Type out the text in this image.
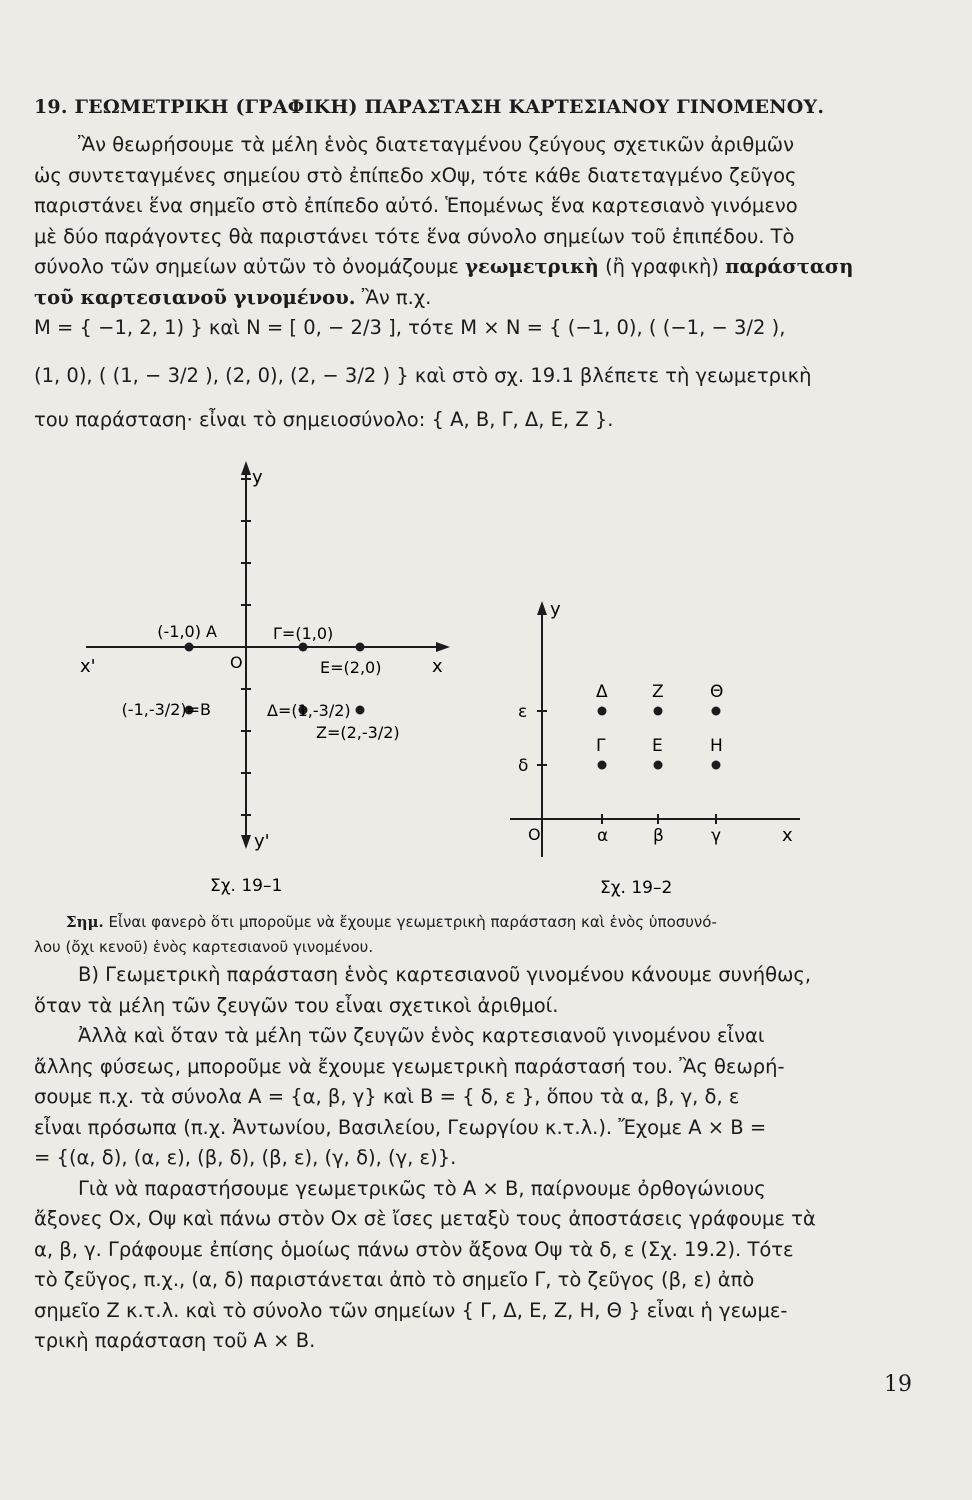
19. ΓΕΩΜΕΤΡΙΚΗ (ΓΡΑΦΙΚΗ) ΠΑΡΑΣΤΑΣΗ ΚΑΡΤΕΣΙΑΝΟΥ ΓΙΝΟΜΕΝΟΥ.
Ἂν θεωρήσουμε τὰ μέλη ἑνὸς διατεταγμένου ζεύγους σχετικῶν ἀριθμῶν
ὡς συντεταγμένες σημείου στὸ ἐπίπεδο xOψ, τότε κάθε διατεταγμένο ζεῦγος
παριστάνει ἕνα σημεῖο στὸ ἐπίπεδο αὐτό. Ἑπομένως ἕνα καρτεσιανὸ γινόμενο
μὲ δύο παράγοντες θὰ παριστάνει τότε ἕνα σύνολο σημείων τοῦ ἐπιπέδου. Τὸ
σύνολο τῶν σημείων αὐτῶν τὸ ὀνομάζουμε γεωμετρικὴ (ἢ γραφικὴ) παράσταση
τοῦ καρτεσιανοῦ γινομένου. Ἂν π.χ.
M = { −1, 2, 1) } καὶ N = [ 0, − 2/3 ], τότε M × N = { (−1, 0), ( (−1, − 3/2 ),
(1, 0), ( (1, − 3/2 ), (2, 0), (2, − 3/2 ) } καὶ στὸ σχ. 19.1 βλέπετε τὴ γεωμετρικὴ
του παράσταση· εἶναι τὸ σημειοσύνολο: { A, B, Γ, Δ, E, Z }.
y
y'
x
x'	O
(-1,0) A	Γ=(1,0)
E=(2,0)
(-1,-3/2)=B	Δ=(1,-3/2)
Z=(2,-3/2)
Σχ. 19–1
y
x
O	α	β	γ
δ
ε
Δ	Z	Θ
Γ	E	H
Σχ. 19–2
Σημ. Εἶναι φανερὸ ὅτι μποροῦμε νὰ ἔχουμε γεωμετρικὴ παράσταση καὶ ἑνὸς ὑποσυνό-
λου (ὄχι κενοῦ) ἑνὸς καρτεσιανοῦ γινομένου.
B) Γεωμετρικὴ παράσταση ἑνὸς καρτεσιανοῦ γινομένου κάνουμε συνήθως,
ὅταν τὰ μέλη τῶν ζευγῶν του εἶναι σχετικοὶ ἀριθμοί.
Ἀλλὰ καὶ ὅταν τὰ μέλη τῶν ζευγῶν ἑνὸς καρτεσιανοῦ γινομένου εἶναι
ἄλλης φύσεως, μποροῦμε νὰ ἔχουμε γεωμετρικὴ παράστασή του. Ἂς θεωρή-
σουμε π.χ. τὰ σύνολα A = {α, β, γ} καὶ B = { δ, ε }, ὅπου τὰ α, β, γ, δ, ε
εἶναι πρόσωπα (π.χ. Ἀντωνίου, Βασιλείου, Γεωργίου κ.τ.λ.). Ἔχομε A × B =
= {(α, δ), (α, ε), (β, δ), (β, ε), (γ, δ), (γ, ε)}.
Γιὰ νὰ παραστήσουμε γεωμετρικῶς τὸ A × B, παίρνουμε ὀρθογώνιους
ἄξονες Ox, Oψ καὶ πάνω στὸν Ox σὲ ἴσες μεταξὺ τους ἀποστάσεις γράφουμε τὰ
α, β, γ. Γράφουμε ἐπίσης ὁμοίως πάνω στὸν ἄξονα Oψ τὰ δ, ε (Σχ. 19.2). Τότε
τὸ ζεῦγος, π.χ., (α, δ) παριστάνεται ἀπὸ τὸ σημεῖο Γ, τὸ ζεῦγος (β, ε) ἀπὸ
σημεῖο Z κ.τ.λ. καὶ τὸ σύνολο τῶν σημείων { Γ, Δ, E, Z, H, Θ } εἶναι ἡ γεωμε-
τρικὴ παράσταση τοῦ A × B.
19
